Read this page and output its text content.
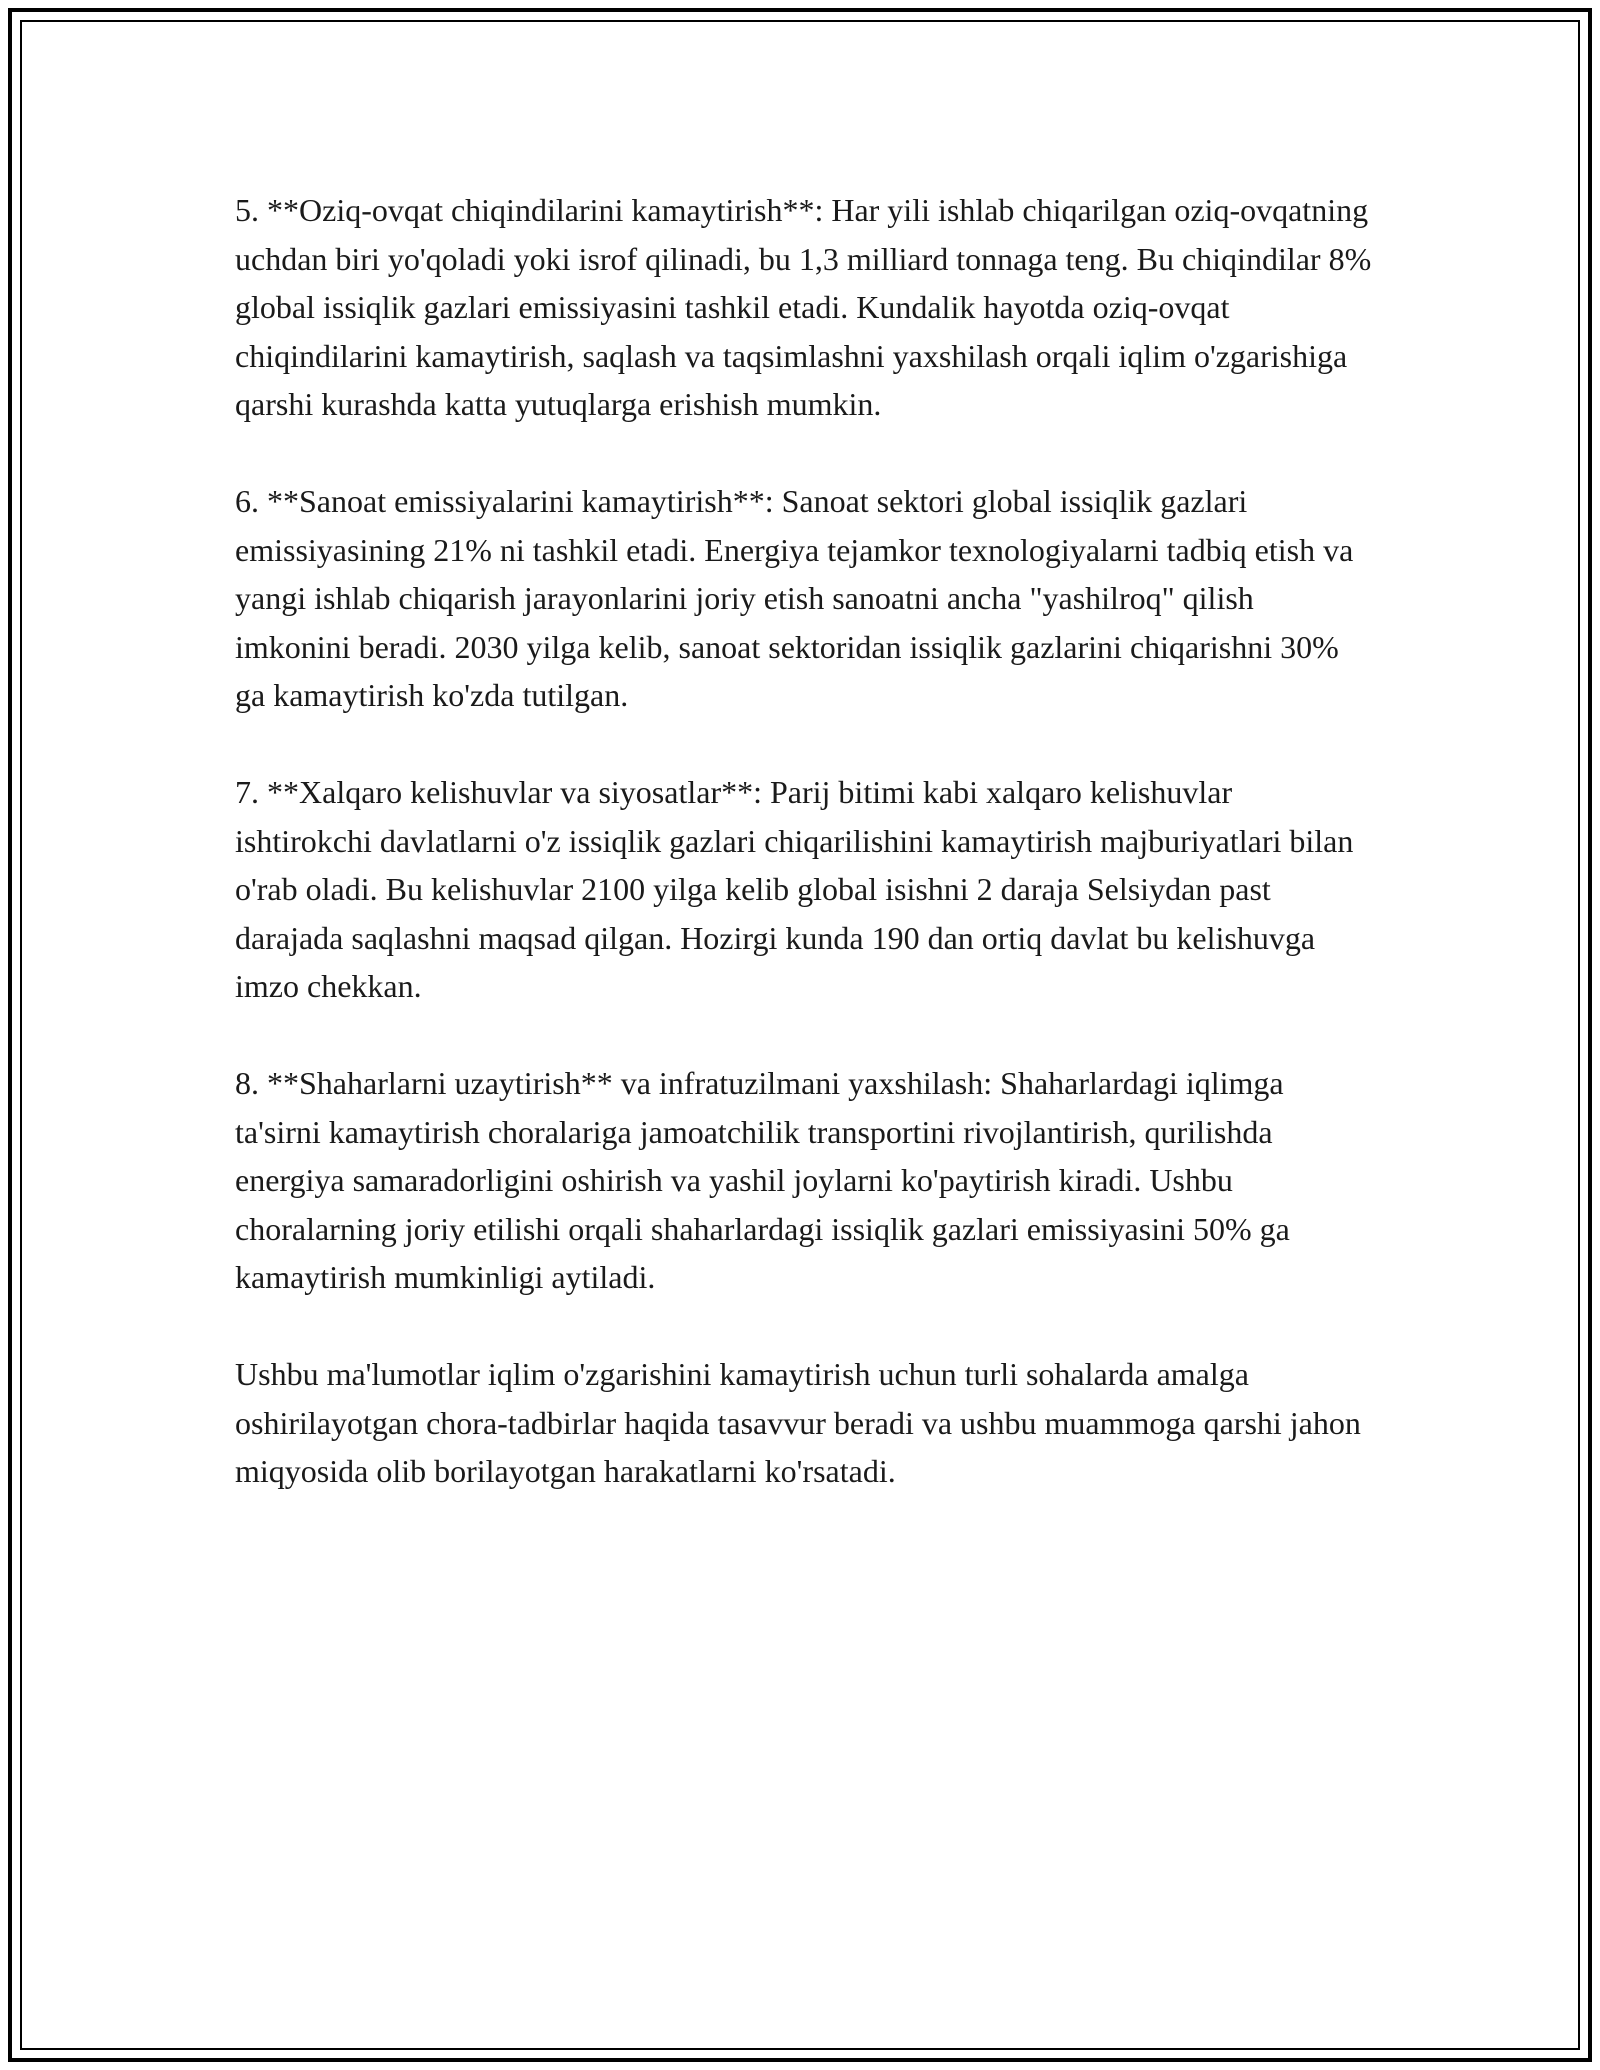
5. **Oziq-ovqat chiqindilarini kamaytirish**: Har yili ishlab chiqarilgan oziq-ovqatning uchdan biri yo'qoladi yoki isrof qilinadi, bu 1,3 milliard tonnaga teng. Bu chiqindilar 8% global issiqlik gazlari emissiyasini tashkil etadi. Kundalik hayotda oziq-ovqat chiqindilarini kamaytirish, saqlash va taqsimlashni yaxshilash orqali iqlim o'zgarishiga qarshi kurashda katta yutuqlarga erishish mumkin.

6. **Sanoat emissiyalarini kamaytirish**: Sanoat sektori global issiqlik gazlari emissiyasining 21% ni tashkil etadi. Energiya tejamkor texnologiyalarni tadbiq etish va yangi ishlab chiqarish jarayonlarini joriy etish sanoatni ancha "yashilroq" qilish imkonini beradi. 2030 yilga kelib, sanoat sektoridan issiqlik gazlarini chiqarishni 30% ga kamaytirish ko'zda tutilgan.

7. **Xalqaro kelishuvlar va siyosatlar**: Parij bitimi kabi xalqaro kelishuvlar ishtirokchi davlatlarni o'z issiqlik gazlari chiqarilishini kamaytirish majburiyatlari bilan o'rab oladi. Bu kelishuvlar 2100 yilga kelib global isishni 2 daraja Selsiydan past darajada saqlashni maqsad qilgan. Hozirgi kunda 190 dan ortiq davlat bu kelishuvga imzo chekkan.

8. **Shaharlarni uzaytirish** va infratuzilmani yaxshilash: Shaharlardagi iqlimga ta'sirni kamaytirish choralariga jamoatchilik transportini rivojlantirish, qurilishda energiya samaradorligini oshirish va yashil joylarni ko'paytirish kiradi. Ushbu choralarning joriy etilishi orqali shaharlardagi issiqlik gazlari emissiyasini 50% ga kamaytirish mumkinligi aytiladi.

Ushbu ma'lumotlar iqlim o'zgarishini kamaytirish uchun turli sohalarda amalga oshirilayotgan chora-tadbirlar haqida tasavvur beradi va ushbu muammoga qarshi jahon miqyosida olib borilayotgan harakatlarni ko'rsatadi.
